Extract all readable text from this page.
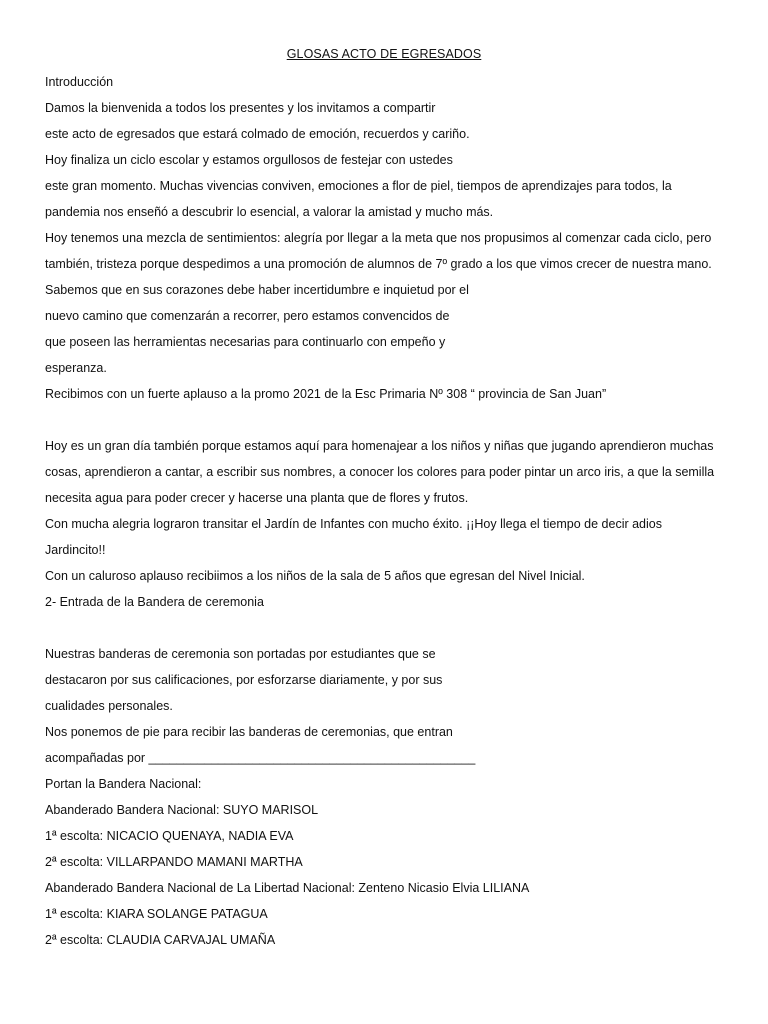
GLOSAS ACTO DE EGRESADOS
Introducción
Damos la bienvenida a todos los presentes y los invitamos a compartir
este acto de egresados que estará colmado de emoción, recuerdos y cariño.
Hoy finaliza un ciclo escolar y estamos orgullosos de festejar con ustedes
este gran momento. Muchas vivencias conviven, emociones a flor de piel, tiempos de aprendizajes para todos, la
pandemia nos enseñó a descubrir lo esencial, a valorar la amistad y mucho más.
Hoy tenemos una mezcla de sentimientos: alegría por llegar a la meta que nos propusimos al comenzar cada ciclo, pero
también, tristeza porque despedimos a una promoción de alumnos de 7º grado a los que vimos crecer de nuestra mano.
Sabemos que en sus corazones debe haber incertidumbre e inquietud por el
nuevo camino que comenzarán a recorrer, pero estamos convencidos de
que poseen las herramientas necesarias para continuarlo con empeño y
esperanza.
Recibimos con un fuerte aplauso a la promo 2021 de la Esc Primaria Nº 308 “ provincia de San Juan”
Hoy es un gran día también porque estamos aquí para homenajear a los niños y niñas que jugando aprendieron muchas
cosas, aprendieron a cantar, a escribir sus nombres, a conocer los colores para poder pintar un arco iris, a que la semilla
necesita agua para poder crecer y hacerse una planta que de flores y frutos.
Con mucha alegria lograron transitar el Jardín de Infantes con mucho éxito. ¡¡Hoy llega el tiempo de decir adios
Jardincito!!
Con un caluroso aplauso recibiimos a los niños de la sala de 5 años que egresan del Nivel Inicial.
2- Entrada de la Bandera de ceremonia
Nuestras banderas de ceremonia son portadas por estudiantes que se
destacaron por sus calificaciones, por esforzarse diariamente, y por sus
cualidades personales.
Nos ponemos de pie para recibir las banderas de ceremonias, que entran
acompañadas por _______________________________________________
Portan la Bandera Nacional:
Abanderado Bandera Nacional: SUYO MARISOL
1ª escolta: NICACIO QUENAYA, NADIA EVA
2ª escolta: VILLARPANDO MAMANI MARTHA
Abanderado Bandera Nacional de La Libertad Nacional: Zenteno Nicasio Elvia LILIANA
1ª escolta: KIARA SOLANGE PATAGUA
2ª escolta: CLAUDIA CARVAJAL UMAÑA
